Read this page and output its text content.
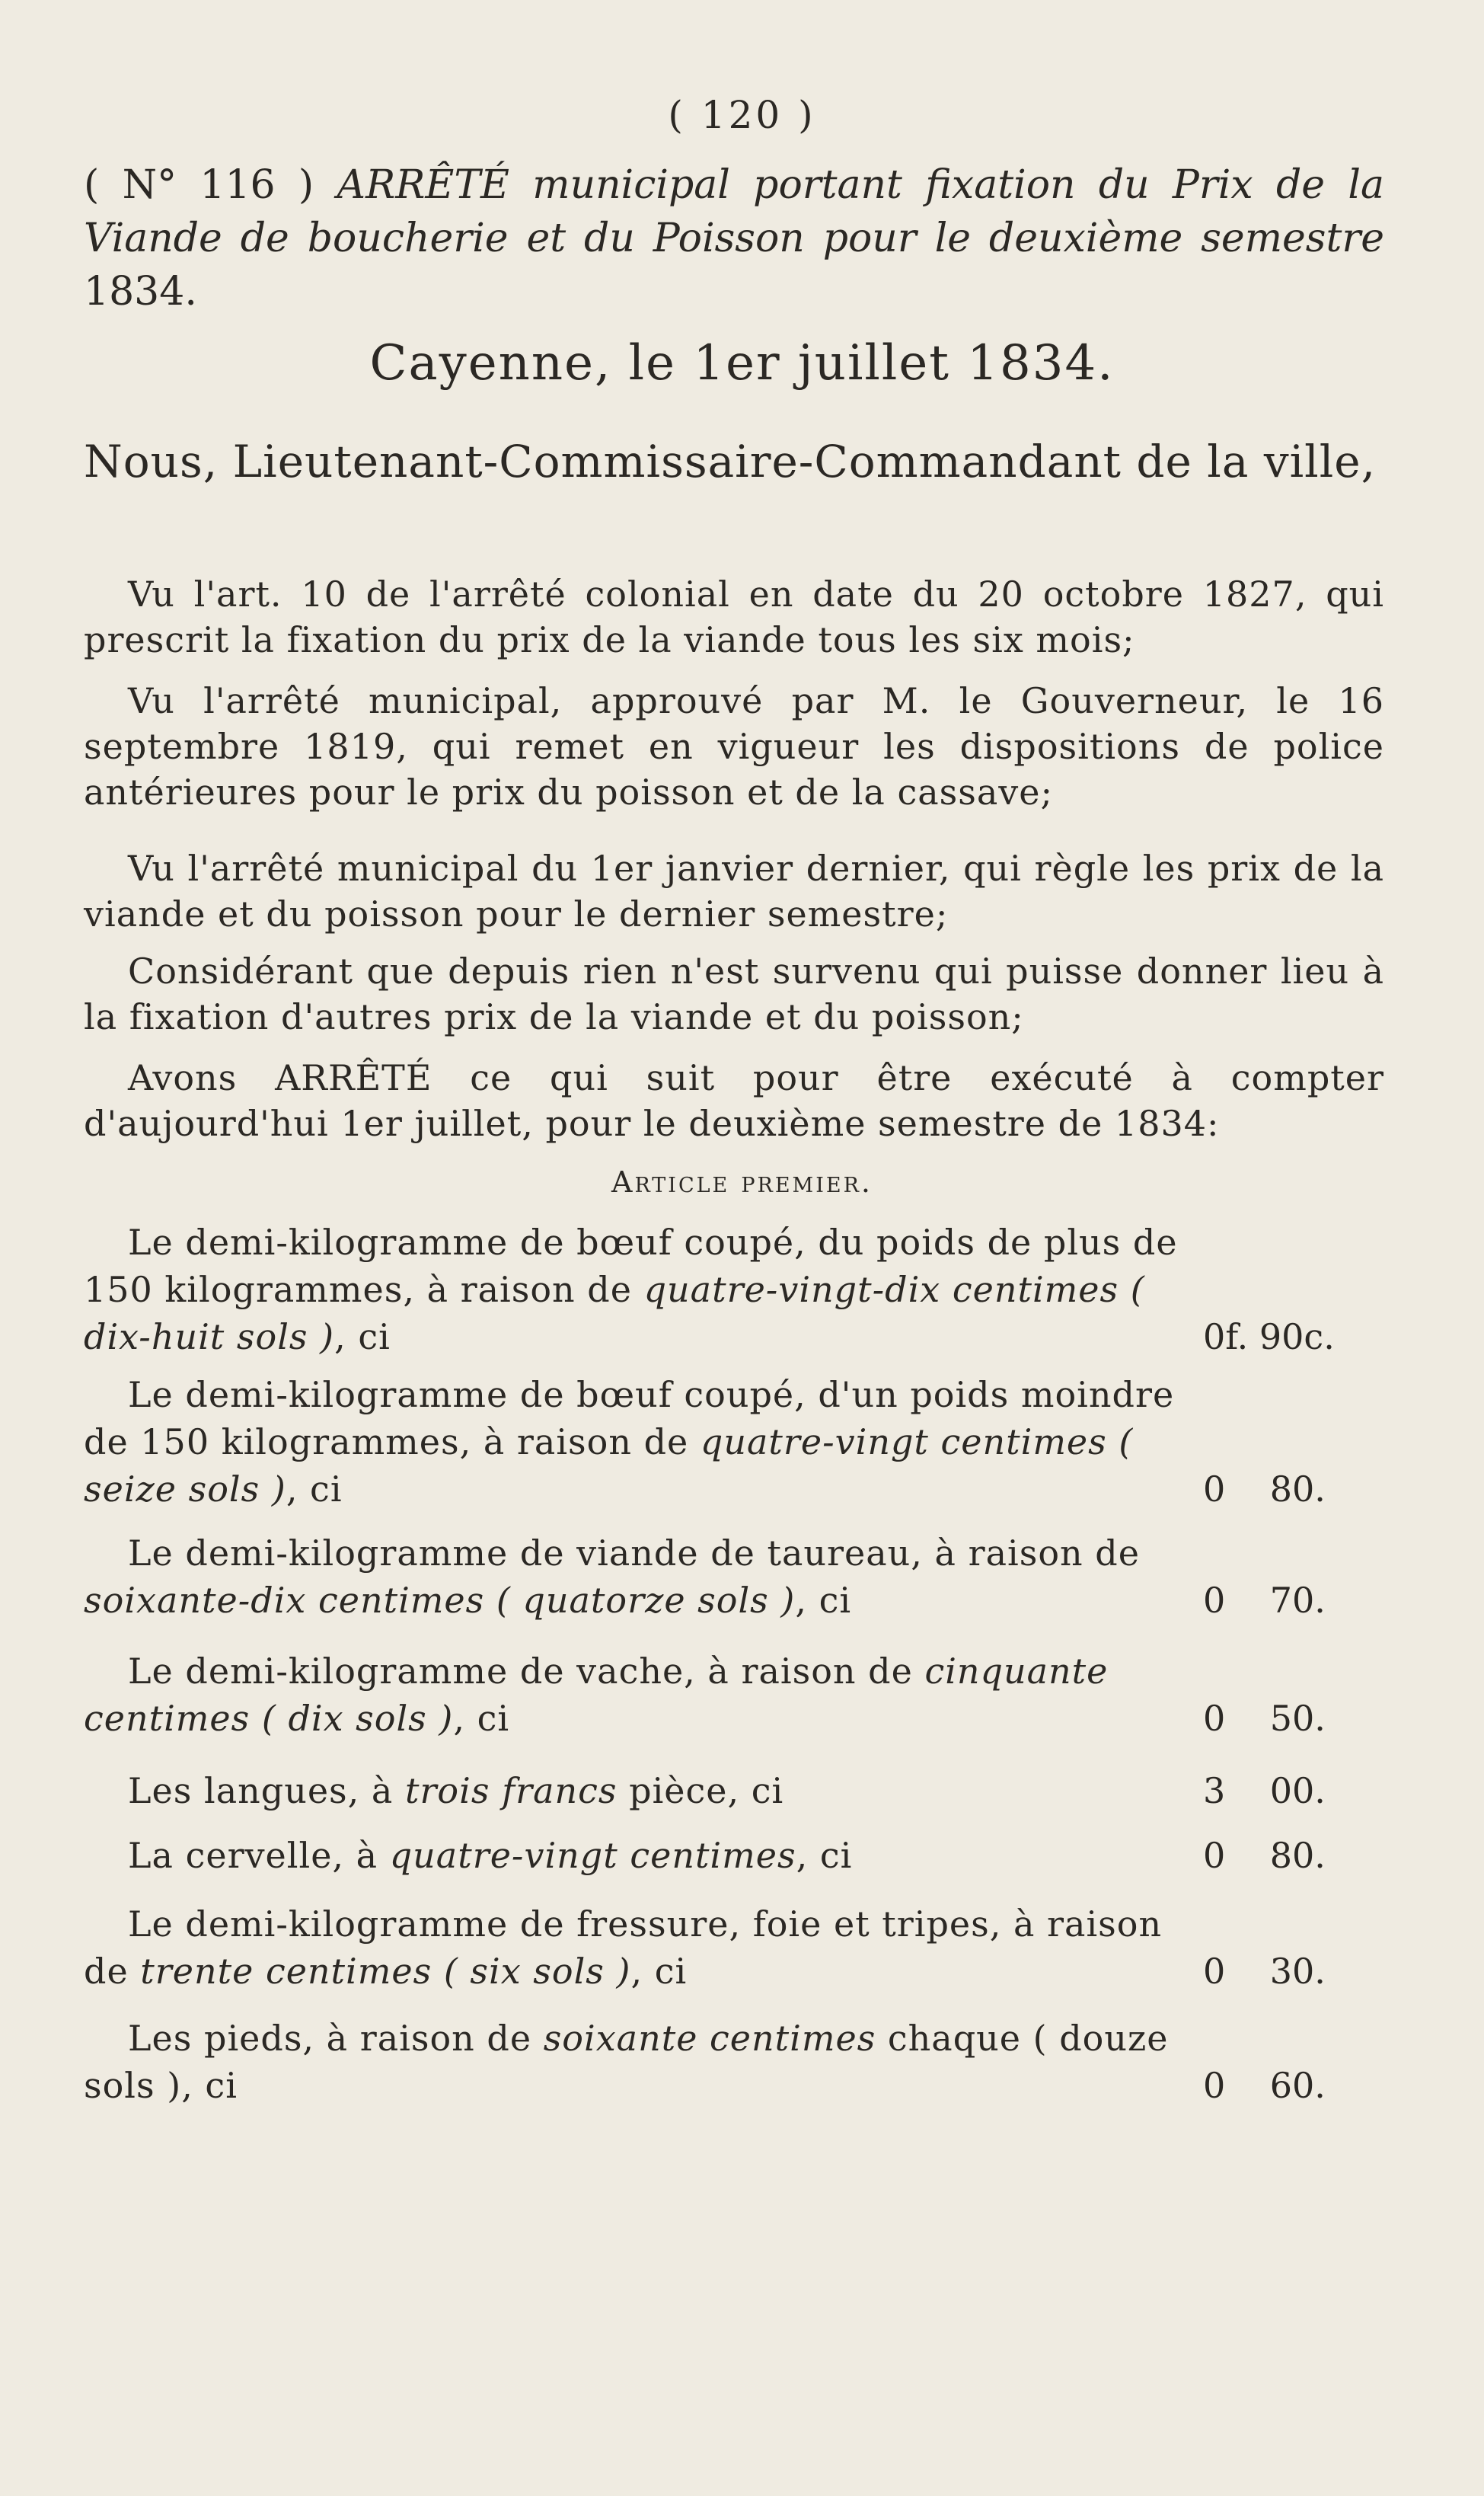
( 120 )
( N° 116 ) ARRÊTÉ municipal portant fixation du Prix de la Viande de boucherie et du Poisson pour le deuxième semestre 1834.
Cayenne, le 1er juillet 1834.
Nous, Lieutenant-Commissaire-Commandant de la ville,
Vu l'art. 10 de l'arrêté colonial en date du 20 octobre 1827, qui prescrit la fixation du prix de la viande tous les six mois;
Vu l'arrêté municipal, approuvé par M. le Gouverneur, le 16 septembre 1819, qui remet en vigueur les dispositions de police antérieures pour le prix du poisson et de la cassave;
Vu l'arrêté municipal du 1er janvier dernier, qui règle les prix de la viande et du poisson pour le dernier semestre;
Considérant que depuis rien n'est survenu qui puisse donner lieu à la fixation d'autres prix de la viande et du poisson;
Avons ARRÊTÉ ce qui suit pour être exécuté à compter d'aujourd'hui 1er juillet, pour le deuxième semestre de 1834:
Article premier.
Le demi-kilogramme de bœuf coupé, du poids de plus de 150 kilogrammes, à raison de quatre-vingt-dix centimes ( dix-huit sols ), ci	0f. 90c.
Le demi-kilogramme de bœuf coupé, d'un poids moindre de 150 kilogrammes, à raison de quatre-vingt centimes ( seize sols ), ci	0    80.
Le demi-kilogramme de viande de taureau, à raison de soixante-dix centimes ( quatorze sols ), ci	0    70.
Le demi-kilogramme de vache, à raison de cinquante centimes ( dix sols ), ci	0    50.
Les langues, à trois francs pièce, ci	3    00.
La cervelle, à quatre-vingt centimes, ci	0    80.
Le demi-kilogramme de fressure, foie et tripes, à raison de trente centimes ( six sols ), ci	0    30.
Les pieds, à raison de soixante centimes chaque ( douze sols ), ci	0    60.
